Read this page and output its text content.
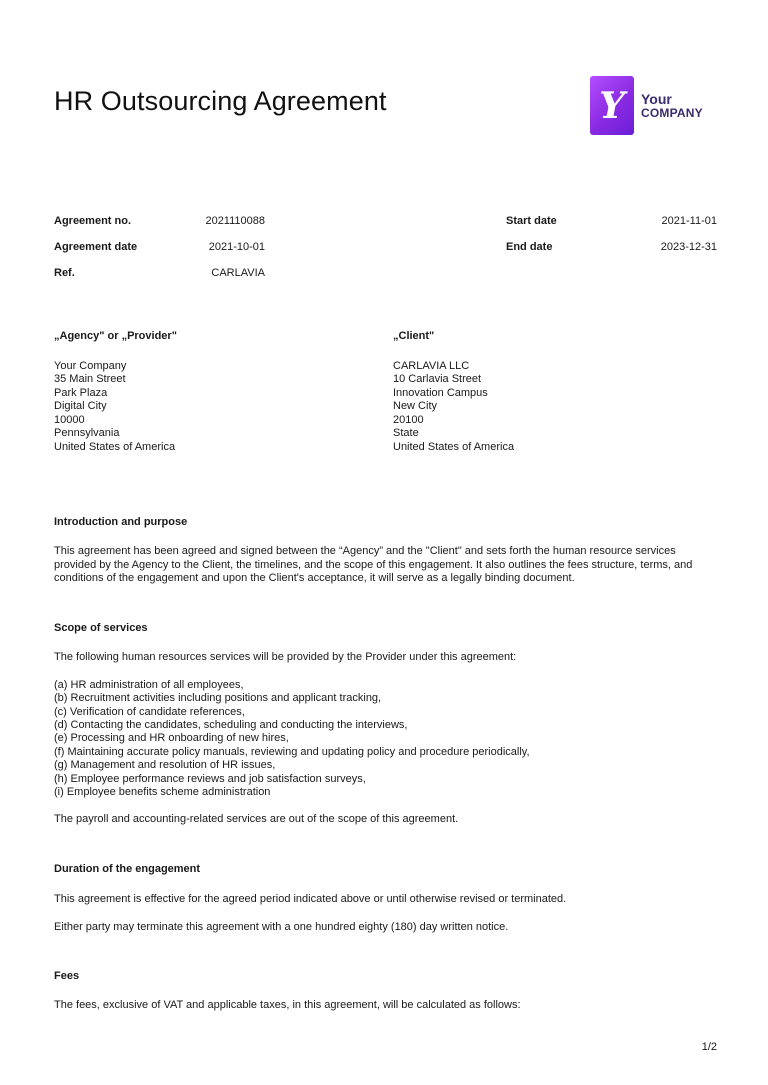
HR Outsourcing Agreement	Y Your
COMPANY
Agreement no.	2021110088
Agreement date	2021-10-01
Ref.	CARLAVIA
Start date	2021-11-01
End date	2023-12-31
„Agency" or „Provider"
Your Company
35 Main Street
Park Plaza
Digital City
10000
Pennsylvania
United States of America
„Client"
CARLAVIA LLC
10 Carlavia Street
Innovation Campus
New City
20100
State
United States of America
Introduction and purpose

This agreement has been agreed and signed between the “Agency” and the "Client" and sets forth the human resource services provided by the Agency to the Client, the timelines, and the scope of this engagement. It also outlines the fees structure, terms, and conditions of the engagement and upon the Client's acceptance, it will serve as a legally binding document.

Scope of services

The following human resources services will be provided by the Provider under this agreement:

(a) HR administration of all employees,
(b) Recruitment activities including positions and applicant tracking,
(c) Verification of candidate references,
(d) Contacting the candidates, scheduling and conducting the interviews,
(e) Processing and HR onboarding of new hires,
(f) Maintaining accurate policy manuals, reviewing and updating policy and procedure periodically,
(g) Management and resolution of HR issues,
(h) Employee performance reviews and job satisfaction surveys,
(i) Employee benefits scheme administration

The payroll and accounting-related services are out of the scope of this agreement.

Duration of the engagement

This agreement is effective for the agreed period indicated above or until otherwise revised or terminated.

Either party may terminate this agreement with a one hundred eighty (180) day written notice.

Fees

The fees, exclusive of VAT and applicable taxes, in this agreement, will be calculated as follows:

1/2
